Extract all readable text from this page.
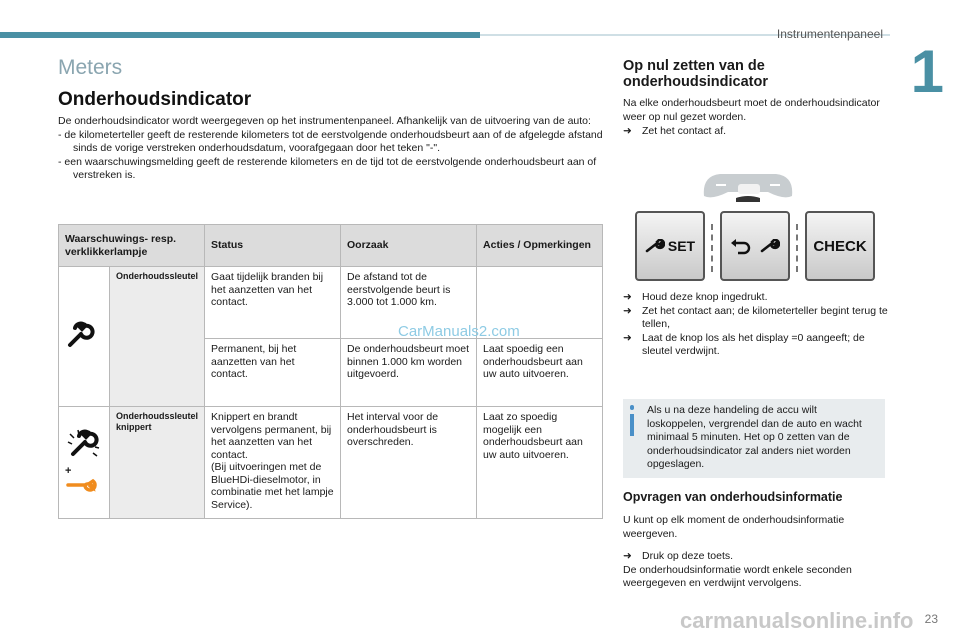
Instrumentenpaneel
1
Meters
Onderhoudsindicator

De onderhoudsindicator wordt weergegeven op het instrumentenpaneel. Afhankelijk van de uitvoering van de auto:

- de kilometerteller geeft de resterende kilometers tot de eerstvolgende onderhoudsbeurt aan of de afgelegde afstand sinds de vorige verstreken onderhoudsdatum, voorafgegaan door het teken "-".

- een waarschuwingsmelding geeft de resterende kilometers en de tijd tot de eerstvolgende onderhoudsbeurt aan of verstreken is.

Waarschuwings- resp. verklikkerlampje		Status	Oorzaak	Acties / Opmerkingen
	Onderhoudssleutel	Gaat tijdelijk branden bij het aanzetten van het contact.	De afstand tot de eerstvolgende beurt is 3.000 tot 1.000 km.	
		Permanent, bij het aanzetten van het contact.	De onderhoudsbeurt moet binnen 1.000 km worden uitgevoerd.	Laat spoedig een onderhoudsbeurt aan uw auto uitvoeren.

+	Onderhoudssleutel knippert	Knippert en brandt vervolgens permanent, bij het aanzetten van het contact.
(Bij uitvoeringen met de BlueHDi-dieselmotor, in combinatie met het lampje Service).	Het interval voor de onderhoudsbeurt is overschreden.	Laat zo spoedig mogelijk een onderhoudsbeurt aan uw auto uitvoeren.
CarManuals2.com
Op nul zetten van de onderhoudsindicator
Na elke onderhoudsbeurt moet de onderhoudsindicator weer op nul gezet worden.
➜ Zet het contact af.
SET	CHECK
➜ Houd deze knop ingedrukt.
➜ Zet het contact aan; de kilometerteller begint terug te tellen,
➜ Laat de knop los als het display =0 aangeeft; de sleutel verdwijnt.
Als u na deze handeling de accu wilt loskoppelen, vergrendel dan de auto en wacht minimaal 5 minuten. Het op 0 zetten van de onderhoudsindicator zal anders niet worden opgeslagen.
Opvragen van onderhoudsinformatie
U kunt op elk moment de onderhoudsinformatie weergeven.
➜ Druk op deze toets.
De onderhoudsinformatie wordt enkele seconden weergegeven en verdwijnt vervolgens.
carmanualsonline.info 23
